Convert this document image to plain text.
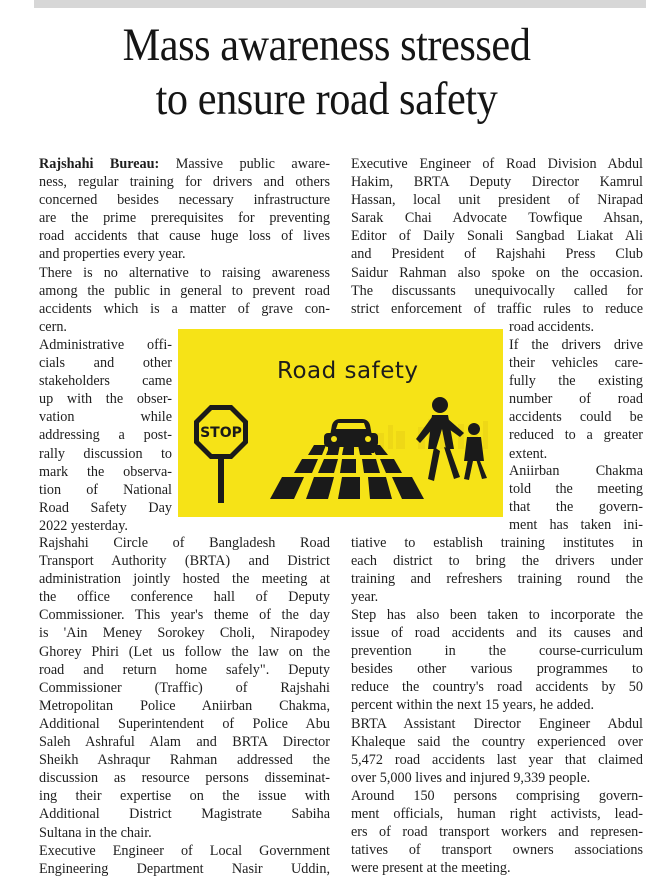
Mass awareness stressed
to ensure road safety
Rajshahi Bureau: Massive public aware-
ness, regular training for drivers and others
concerned besides necessary infrastructure
are the prime prerequisites for preventing
road accidents that cause huge loss of lives
and properties every year.
There is no alternative to raising awareness
among the public in general to prevent road
accidents which is a matter of grave con-
cern.
Administrative offi-
cials and other
stakeholders came
up with the obser-
vation while
addressing a post-
rally discussion to
mark the observa-
tion of National
Road Safety Day
2022 yesterday.
Rajshahi Circle of Bangladesh Road
Transport Authority (BRTA) and District
administration jointly hosted the meeting at
the office conference hall of Deputy
Commissioner. This year's theme of the day
is 'Ain Meney Sorokey Choli, Nirapodey
Ghorey Phiri (Let us follow the law on the
road and return home safely". Deputy
Commissioner (Traffic) of Rajshahi
Metropolitan Police Aniirban Chakma,
Additional Superintendent of Police Abu
Saleh Ashraful Alam and BRTA Director
Sheikh Ashraqur Rahman addressed the
discussion as resource persons disseminat-
ing their expertise on the issue with
Additional District Magistrate Sabiha
Sultana in the chair.
Executive Engineer of Local Government
Engineering Department Nasir Uddin,
Executive Engineer of Road Division Abdul
Hakim, BRTA Deputy Director Kamrul
Hassan, local unit president of Nirapad
Sarak Chai Advocate Towfique Ahsan,
Editor of Daily Sonali Sangbad Liakat Ali
and President of Rajshahi Press Club
Saidur Rahman also spoke on the occasion.
The discussants unequivocally called for
strict enforcement of traffic rules to reduce
road accidents.
If the drivers drive
their vehicles care-
fully the existing
number of road
accidents could be
reduced to a greater
extent.
Aniirban Chakma
told the meeting
that the govern-
ment has taken ini-
tiative to establish training institutes in
each district to bring the drivers under
training and refreshers training round the
year.
Step has also been taken to incorporate the
issue of road accidents and its causes and
prevention in the course-curriculum
besides other various programmes to
reduce the country's road accidents by 50
percent within the next 15 years, he added.
BRTA Assistant Director Engineer Abdul
Khaleque said the country experienced over
5,472 road accidents last year that claimed
over 5,000 lives and injured 9,339 people.
Around 150 persons comprising govern-
ment officials, human right activists, lead-
ers of road transport workers and represen-
tatives of transport owners associations
were present at the meeting.
STOP
Road safety
